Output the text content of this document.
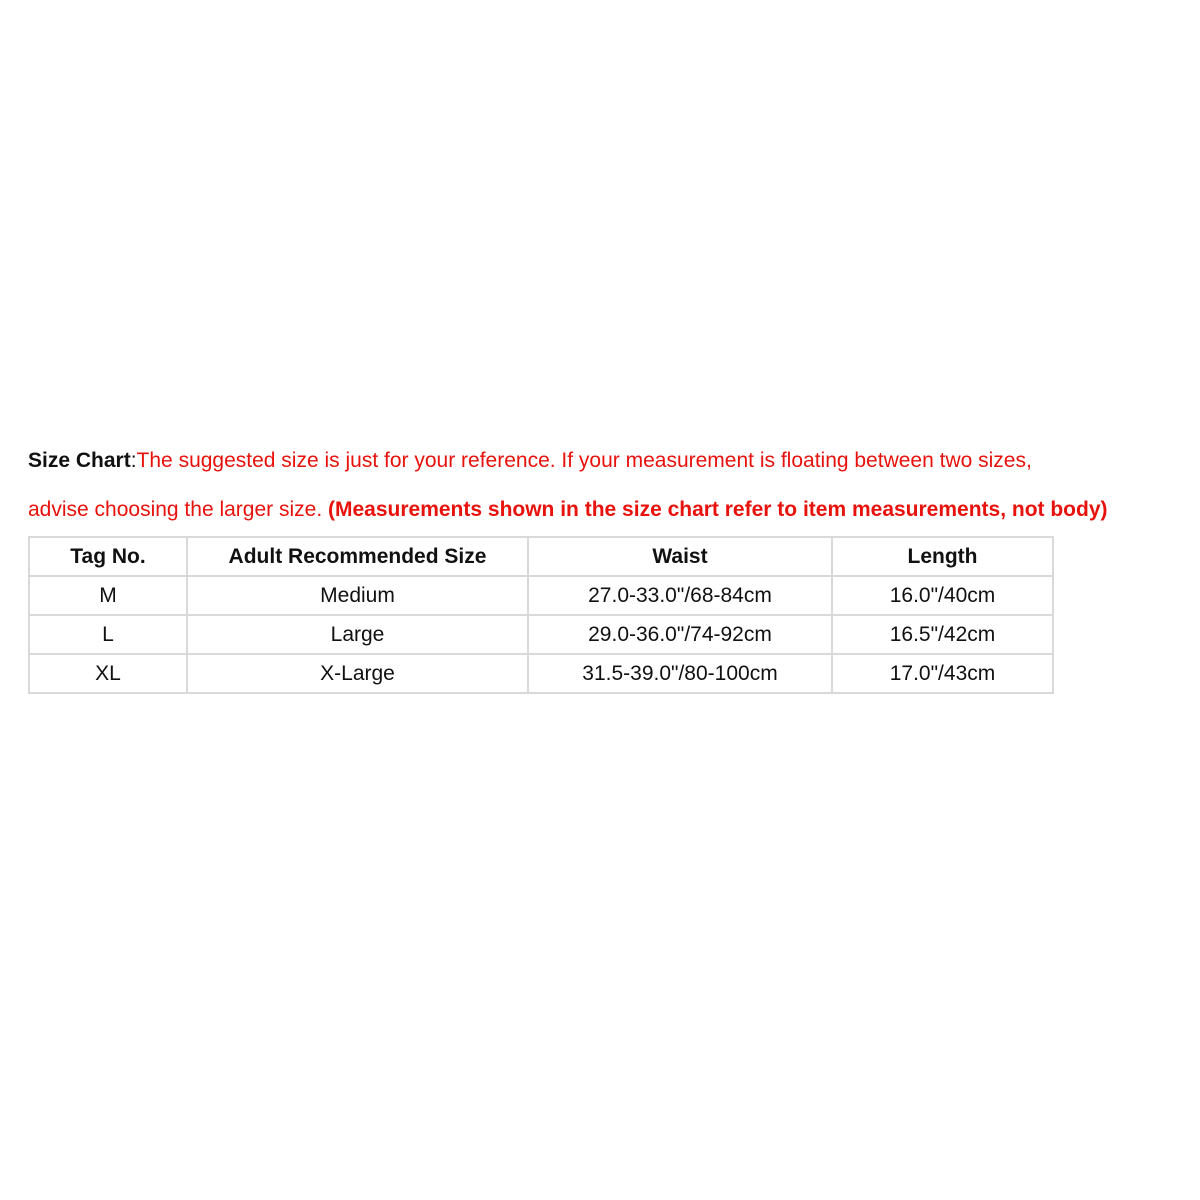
Size Chart:The suggested size is just for your reference. If your measurement is floating between two sizes,
advise choosing the larger size. (Measurements shown in the size chart refer to item measurements, not body)
Tag No.	Adult Recommended Size	Waist	Length
M	Medium	27.0-33.0"/68-84cm	16.0"/40cm
L	Large	29.0-36.0"/74-92cm	16.5"/42cm
XL	X-Large	31.5-39.0"/80-100cm	17.0"/43cm
